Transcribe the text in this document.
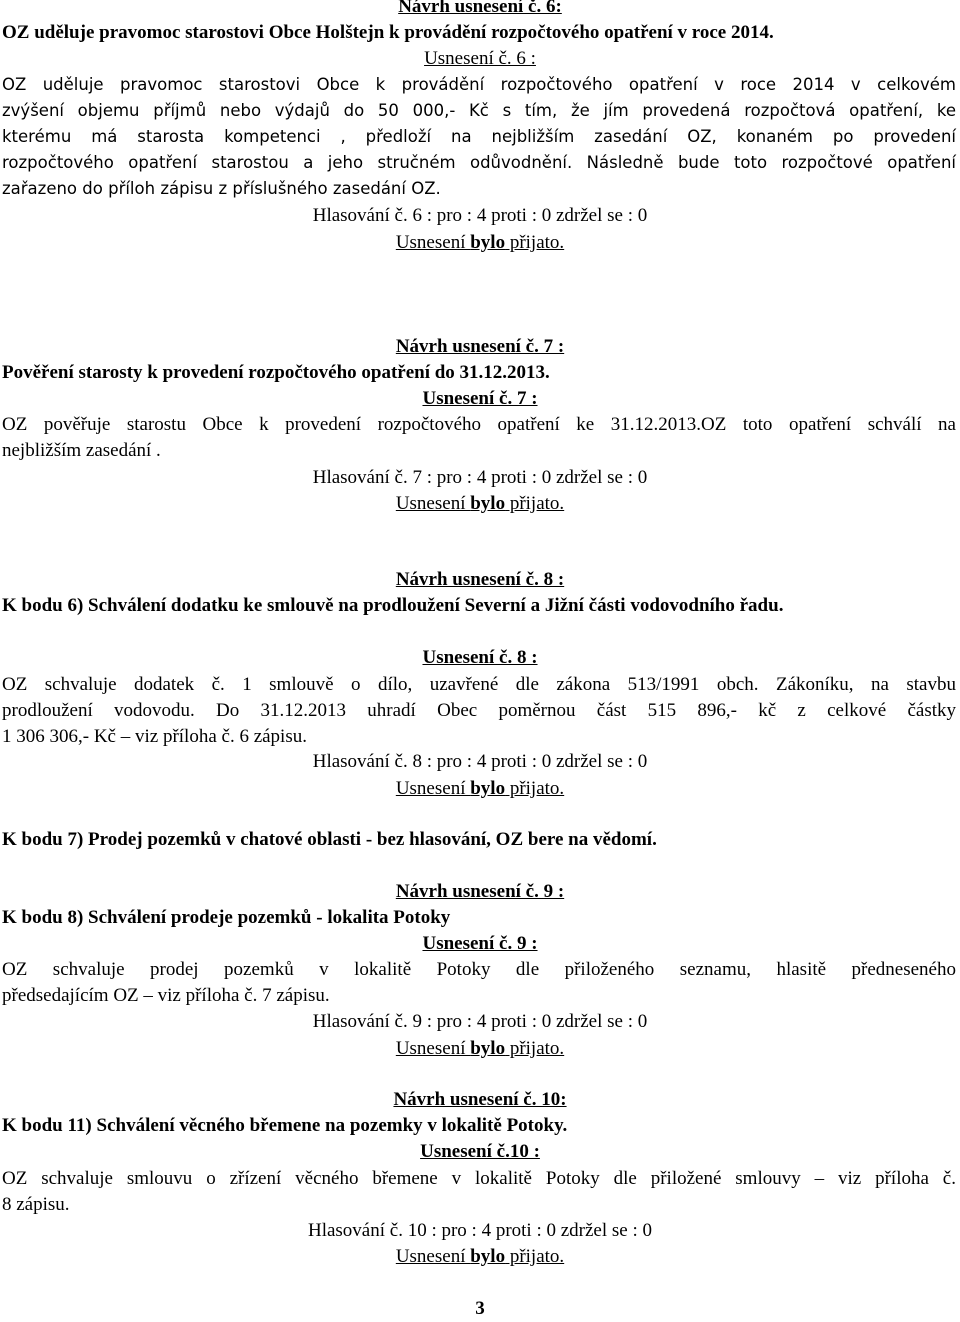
Návrh usnesení č. 6:
OZ uděluje pravomoc starostovi Obce Holštejn k provádění rozpočtového opatření v roce 2014.
Usnesení č. 6 :
OZ uděluje pravomoc starostovi Obce k provádění rozpočtového opatření v roce 2014 v celkovém
zvýšení objemu příjmů nebo výdajů do 50 000,- Kč s tím, že jím provedená rozpočtová opatření, ke
kterému má starosta kompetenci , předloží na nejbližším zasedání OZ, konaném po provedení
rozpočtového opatření starostou a jeho stručném odůvodnění. Následně bude toto rozpočtové opatření
zařazeno do příloh zápisu z příslušného zasedání OZ.
Hlasování č. 6 : pro : 4 proti : 0 zdržel se : 0
Usnesení bylo přijato.
Návrh usnesení č. 7 :
Pověření starosty k provedení rozpočtového opatření do 31.12.2013.
Usnesení č. 7 :
OZ pověřuje starostu Obce k provedení rozpočtového opatření ke 31.12.2013.OZ toto opatření schválí na
nejbližším zasedání .
Hlasování č. 7 : pro : 4 proti : 0 zdržel se : 0
Usnesení bylo přijato.
Návrh usnesení č. 8 :
K bodu 6) Schválení dodatku ke smlouvě na prodloužení Severní a Jižní části vodovodního řadu.
Usnesení č. 8 :
OZ schvaluje dodatek č. 1 smlouvě o dílo, uzavřené dle zákona 513/1991 obch. Zákoníku, na stavbu
prodloužení vodovodu. Do 31.12.2013 uhradí Obec poměrnou část 515 896,- kč z celkové částky
1 306 306,- Kč – viz příloha č. 6 zápisu.
Hlasování č. 8 : pro : 4 proti : 0 zdržel se : 0
Usnesení bylo přijato.
K bodu 7) Prodej pozemků v chatové oblasti - bez hlasování, OZ bere na vědomí.
Návrh usnesení č. 9 :
K bodu 8) Schválení prodeje pozemků - lokalita Potoky
Usnesení č. 9 :
OZ schvaluje prodej pozemků v lokalitě Potoky dle přiloženého seznamu, hlasitě předneseného
předsedajícím OZ – viz příloha č. 7 zápisu.
Hlasování č. 9 : pro : 4 proti : 0 zdržel se : 0
Usnesení bylo přijato.
Návrh usnesení č. 10:
K bodu 11) Schválení věcného břemene na pozemky v lokalitě Potoky.
Usnesení č.10 :
OZ schvaluje smlouvu o zřízení věcného břemene v lokalitě Potoky dle přiložené smlouvy – viz příloha č.
8 zápisu.
Hlasování č. 10 : pro : 4 proti : 0 zdržel se : 0
Usnesení bylo přijato.
3
